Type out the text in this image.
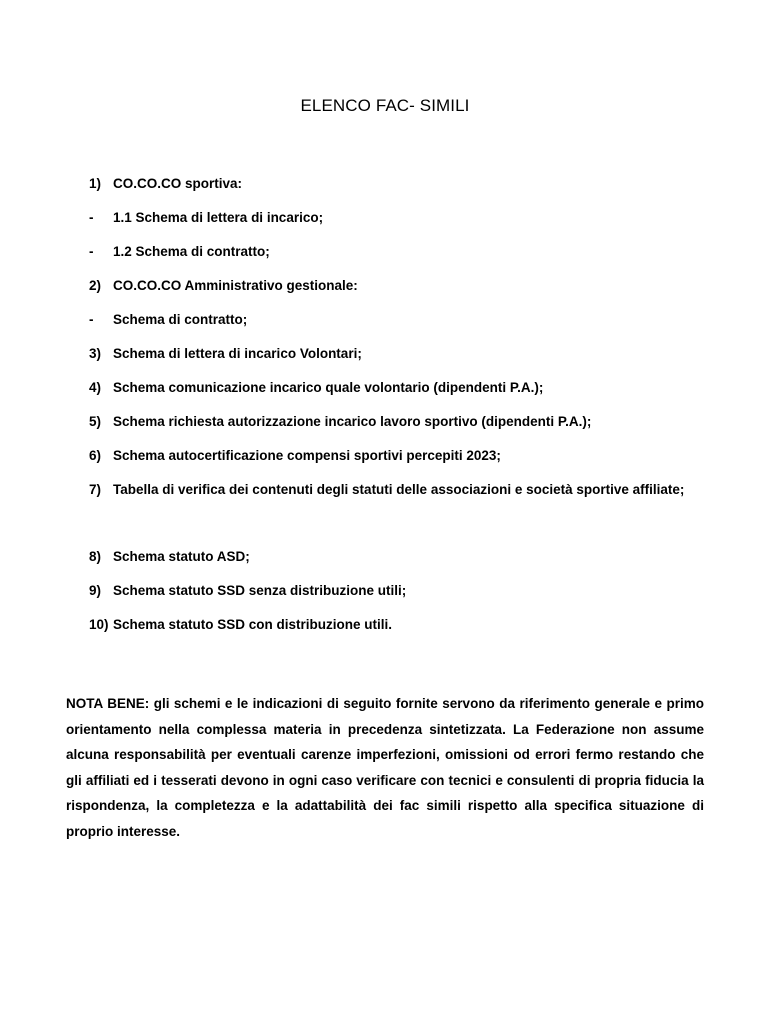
ELENCO FAC- SIMILI
1) CO.CO.CO sportiva:
-	1.1 Schema di lettera di incarico;
-	1.2 Schema di contratto;
2) CO.CO.CO Amministrativo gestionale:
-	Schema di contratto;
3) Schema di lettera di incarico Volontari;
4) Schema comunicazione incarico quale volontario (dipendenti P.A.);
5) Schema richiesta autorizzazione incarico lavoro sportivo (dipendenti P.A.);
6) Schema autocertificazione compensi sportivi percepiti 2023;
7) Tabella di verifica dei contenuti degli statuti delle associazioni e società sportive affiliate;
8) Schema statuto ASD;
9) Schema statuto SSD senza distribuzione utili;
10) Schema statuto SSD con distribuzione utili.

NOTA BENE: gli schemi e le indicazioni di seguito fornite servono da riferimento generale e primo orientamento nella complessa materia in precedenza sintetizzata. La Federazione non assume alcuna responsabilità per eventuali carenze imperfezioni, omissioni od errori fermo restando che gli affiliati ed i tesserati devono in ogni caso verificare con tecnici e consulenti di propria fiducia la rispondenza, la completezza e la adattabilità dei fac simili rispetto alla specifica situazione di proprio interesse.
